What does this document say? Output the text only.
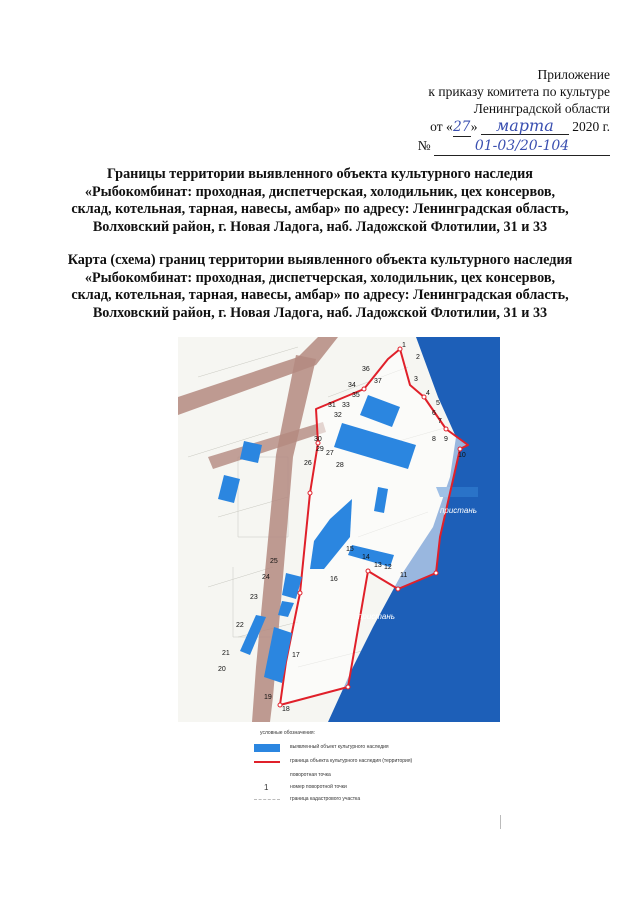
Приложение
к приказу комитета по культуре
Ленинградской области
от «27» марта 2020 г.
№	01-03/20-104
Границы территории выявленного объекта культурного наследия
«Рыбокомбинат: проходная, диспетчерская, холодильник, цех консервов,
склад, котельная, тарная, навесы, амбар» по адресу: Ленинградская область,
Волховский район, г. Новая Ладога, наб. Ладожской Флотилии, 31 и 33
Карта (схема) границ территории выявленного объекта культурного наследия
«Рыбокомбинат: проходная, диспетчерская, холодильник, цех консервов,
склад, котельная, тарная, навесы, амбар» по адресу: Ленинградская область,
Волховский район, г. Новая Ладога, наб. Ладожской Флотилии, 31 и 33
1
2
3
4
5
6
7
8 9
10
11
12
13
14
15
16
17
18
19
20
21
22
23
24
25
26
27
28
29
30
31
32
33
34
35
36
37
пристань
пристань
условные обозначения:
выявленный объект культурного наследия
граница объекта культурного наследия (территория)
поворотная точка
1	номер поворотной точки
граница кадастрового участка
